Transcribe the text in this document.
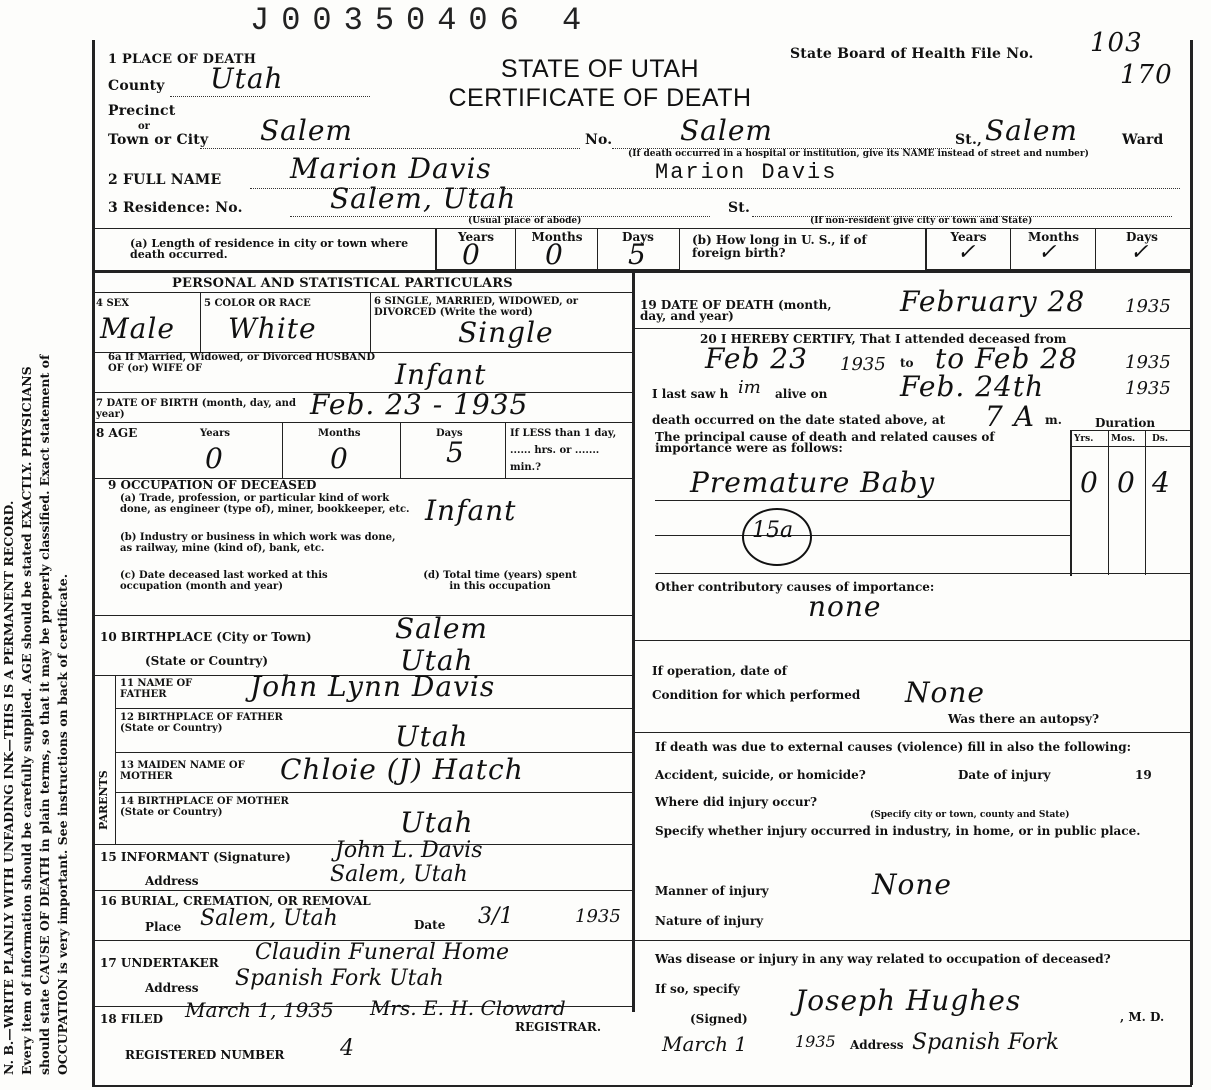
J00350406 4
State Board of Health File No. 103
170
STATE OF UTAH
CERTIFICATE OF DEATH
N. B.—WRITE PLAINLY WITH UNFADING INK—THIS IS A PERMANENT RECORD. Every item of information should be carefully supplied. AGE should be stated EXACTLY. PHYSICIANS should state CAUSE OF DEATH in plain terms, so that it may be properly classified. Exact statement of OCCUPATION is very important. See instructions on back of certificate.
1 PLACE OF DEATH
County Utah
Precinct
or
Town or City Salem	No. Salem	St., Salem	Ward
(If death occurred in a hospital or institution, give its NAME instead of street and number)
2 FULL NAME Marion Davis	Marion Davis
3 Residence: No.	Salem, Utah	St.
(Usual place of abode)	(If non-resident give city or town and State)
(a) Length of residence in city or town where death occurred.
Years	Months	Days
0 0 5	(b) How long in U. S., if of foreign birth?
Years	Months	Days
✓	✓	✓
PERSONAL AND STATISTICAL PARTICULARS
4 SEX
Male
5 COLOR OR RACE
White
6 SINGLE, MARRIED, WIDOWED, or DIVORCED (Write the word)
Single
6a If Married, Widowed, or Divorced HUSBAND OF (or) WIFE OF	Infant
7 DATE OF BIRTH (month, day, and year)	Feb. 23 - 1935
8 AGE	Years	Months	Days
0	0	5
If LESS than 1 day, ...... hrs. or ....... min.?
9 OCCUPATION OF DECEASED
(a) Trade, profession, or particular kind of work done, as engineer (type of), miner, bookkeeper, etc. Infant
(b) Industry or business in which work was done, as railway, mine (kind of), bank, etc.
(c) Date deceased last worked at this occupation (month and year)
(d) Total time (years) spent in this occupation
10 BIRTHPLACE (City or Town)	Salem
(State or Country)	Utah
PARENTS
11 NAME OF FATHER	John Lynn Davis
12 BIRTHPLACE OF FATHER (State or Country)	Utah
13 MAIDEN NAME OF MOTHER	Chloie (J) Hatch
14 BIRTHPLACE OF MOTHER (State or Country)	Utah
15 INFORMANT (Signature) John L. Davis
Address	Salem, Utah
16 BURIAL, CREMATION, OR REMOVAL
Place Salem, Utah	Date 3/1	1935
17 UNDERTAKER Claudin Funeral Home
Address Spanish Fork Utah
18 FILED March 1, 1935 Mrs. E. H. Cloward
REGISTRAR.
REGISTERED NUMBER	4
19 DATE OF DEATH (month, day, and year)	February 28 1935
20 I HEREBY CERTIFY, That I attended deceased from
Feb 23 1935 to to Feb 28	1935
I last saw h im alive on	Feb. 24th	1935
death occurred on the date stated above, at 7 A m.	Duration
Yrs. Mos. Ds.
The principal cause of death and related causes of importance were as follows:
Premature Baby	0 0 4
15a
Other contributory causes of importance:
none
If operation, date of
Condition for which performed None
Was there an autopsy?
If death was due to external causes (violence) fill in also the following:
Accident, suicide, or homicide?	Date of injury	19
Where did injury occur?
(Specify city or town, county and State)
Specify whether injury occurred in industry, in home, or in public place.
Manner of injury	None
Nature of injury
Was disease or injury in any way related to occupation of deceased?
If so, specify
(Signed)
Joseph Hughes	, M. D.
March 1	1935 Address Spanish Fork
